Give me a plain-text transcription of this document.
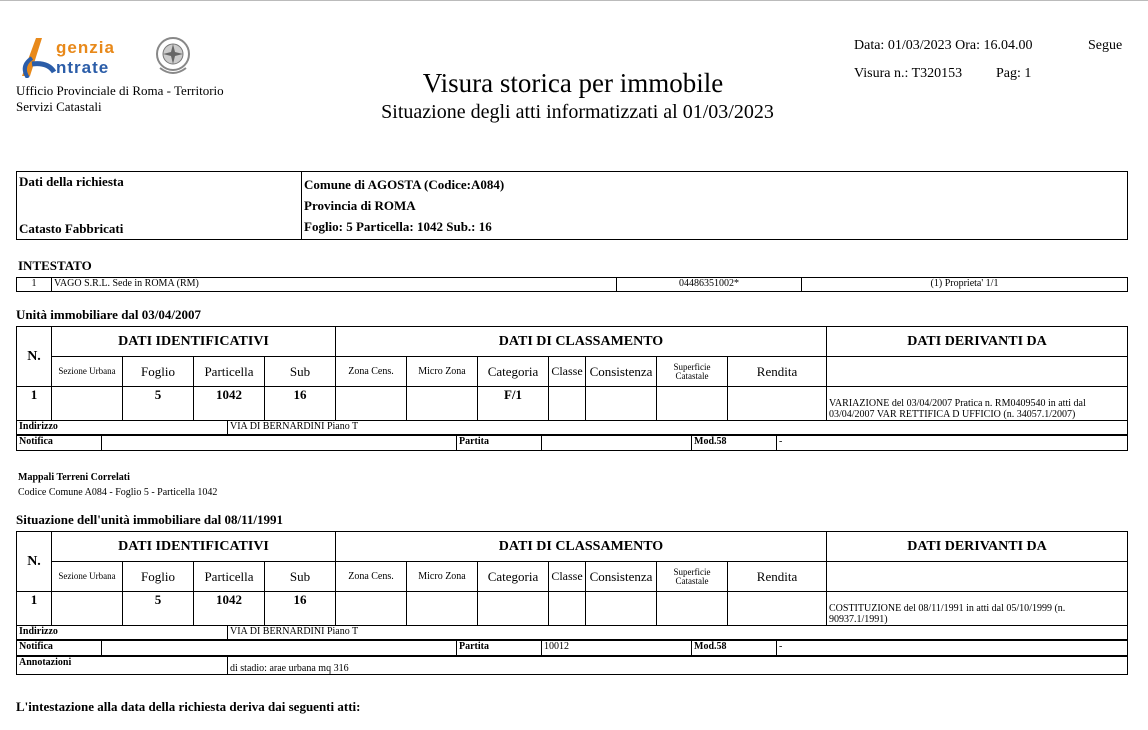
genzia
ntrate
Ufficio Provinciale di Roma - Territorio
Servizi Catastali
Visura storica per immobile
Situazione degli atti informatizzati al 01/03/2023
Data: 01/03/2023 Ora: 16.04.00	Segue
Visura n.: T320153 Pag: 1
Dati della richiesta
Catasto Fabbricati

Comune di AGOSTA (Codice:A084)
Provincia di ROMA
Foglio: 5 Particella: 1042 Sub.: 16
INTESTATO
1	VAGO S.R.L. Sede in ROMA (RM)	04486351002*	(1) Proprieta' 1/1
Unità immobiliare dal 03/04/2007
N.	DATI IDENTIFICATIVI				DATI DI CLASSAMENTO							DATI DERIVANTI DA
	Sezione Urbana	Foglio	Particella	Sub	Zona Cens.	Micro Zona	Categoria	Classe	Consistenza	Superficie Catastale	Rendita	
1		5	1042	16			F/1					VARIAZIONE del 03/04/2007 Pratica n. RM0409540 in atti dal 03/04/2007 VAR RETTIFICA D UFFICIO (n. 34057.1/2007)
Indirizzo	VIA DI BERNARDINI Piano T
Notifica		Partita		Mod.58	-
Mappali Terreni Correlati
Codice Comune A084 - Foglio 5 - Particella 1042
Situazione dell'unità immobiliare dal 08/11/1991
N.	DATI IDENTIFICATIVI				DATI DI CLASSAMENTO							DATI DERIVANTI DA
	Sezione Urbana	Foglio	Particella	Sub	Zona Cens.	Micro Zona	Categoria	Classe	Consistenza	Superficie Catastale	Rendita	
1		5	1042	16								COSTITUZIONE del 08/11/1991 in atti dal 05/10/1999 (n. 90937.1/1991)
Indirizzo	VIA DI BERNARDINI Piano T
Notifica		Partita	10012	Mod.58	-
Annotazioni	di stadio: arae urbana mq 316
L'intestazione alla data della richiesta deriva dai seguenti atti:
